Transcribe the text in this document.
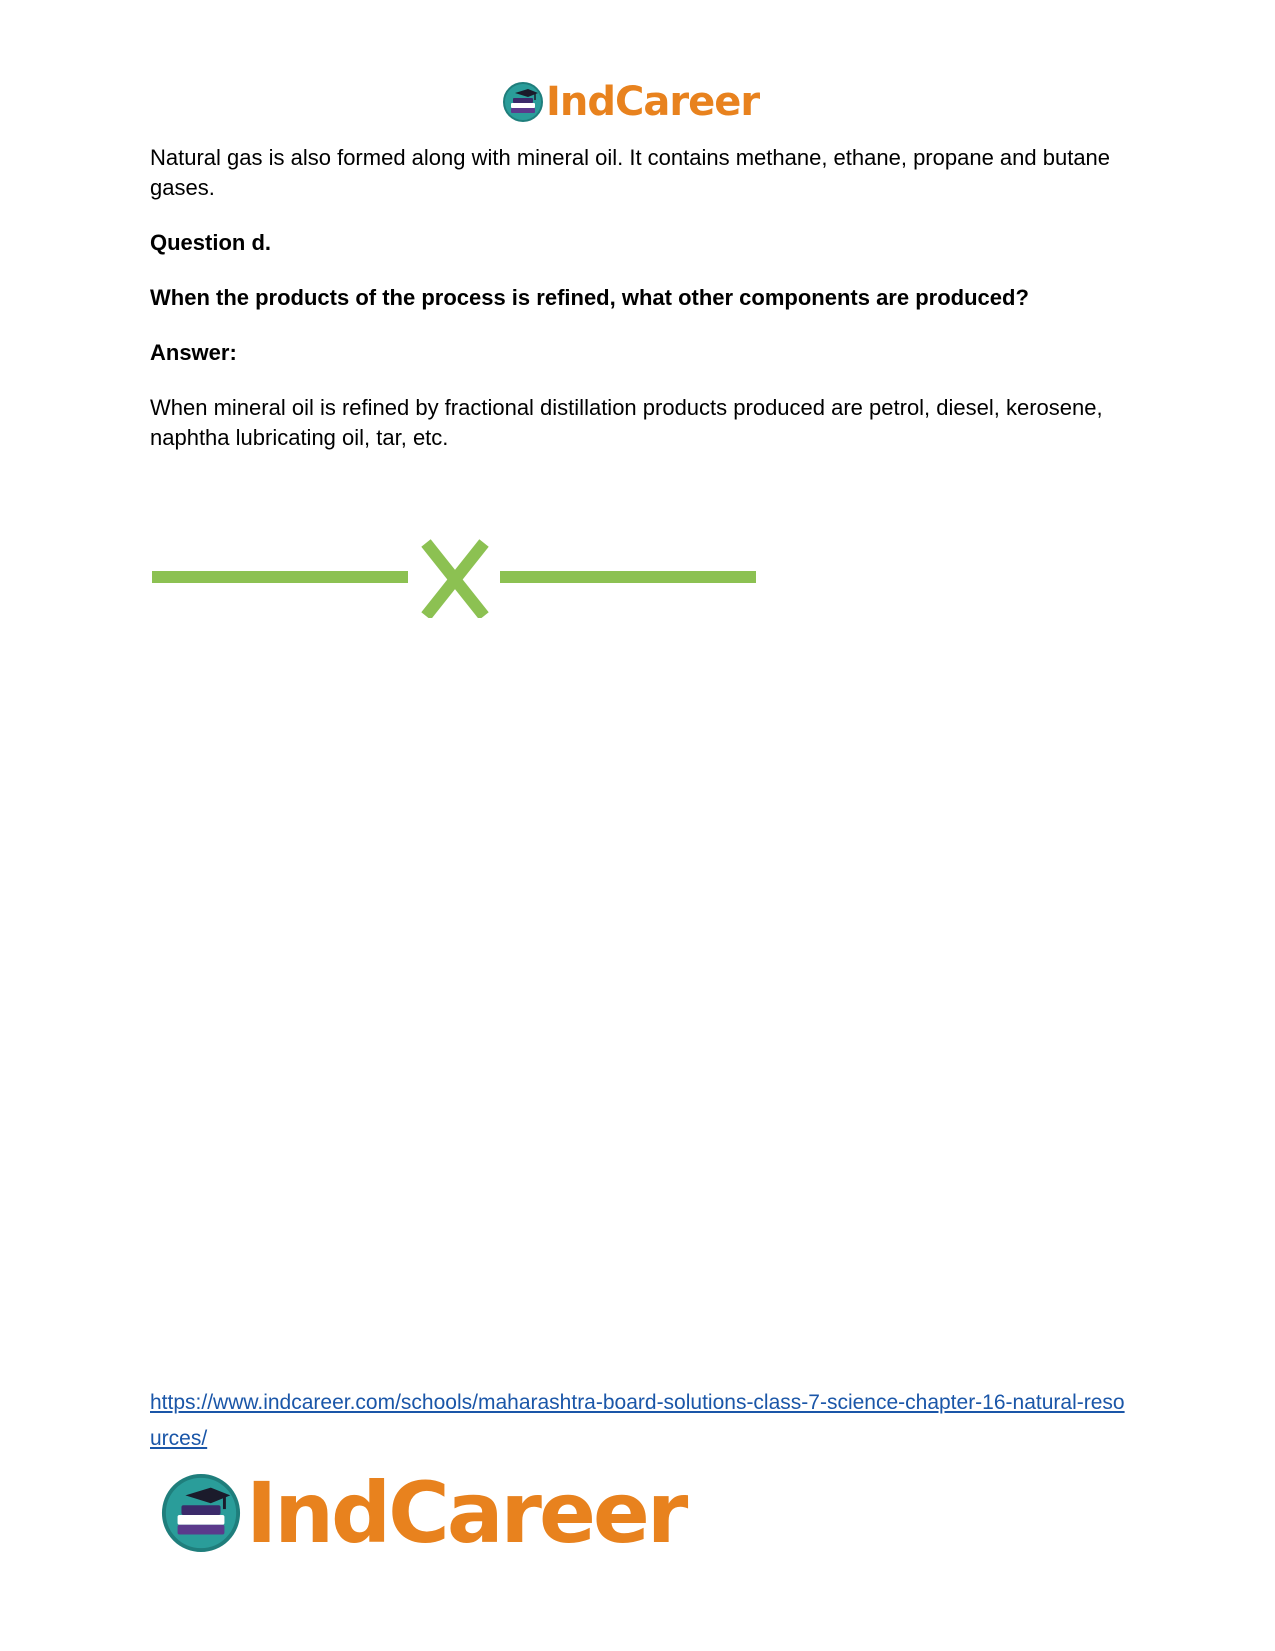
IndCareer

Natural gas is also formed along with mineral oil. It contains methane, ethane, propane and butane gases.

Question d.

When the products of the process is refined, what other components are produced?

Answer:

When mineral oil is refined by fractional distillation products produced are petrol, diesel, kerosene, naphtha lubricating oil, tar, etc.

https://www.indcareer.com/schools/maharashtra-board-solutions-class-7-science-chapter-16-natural-resources/
IndCareer
